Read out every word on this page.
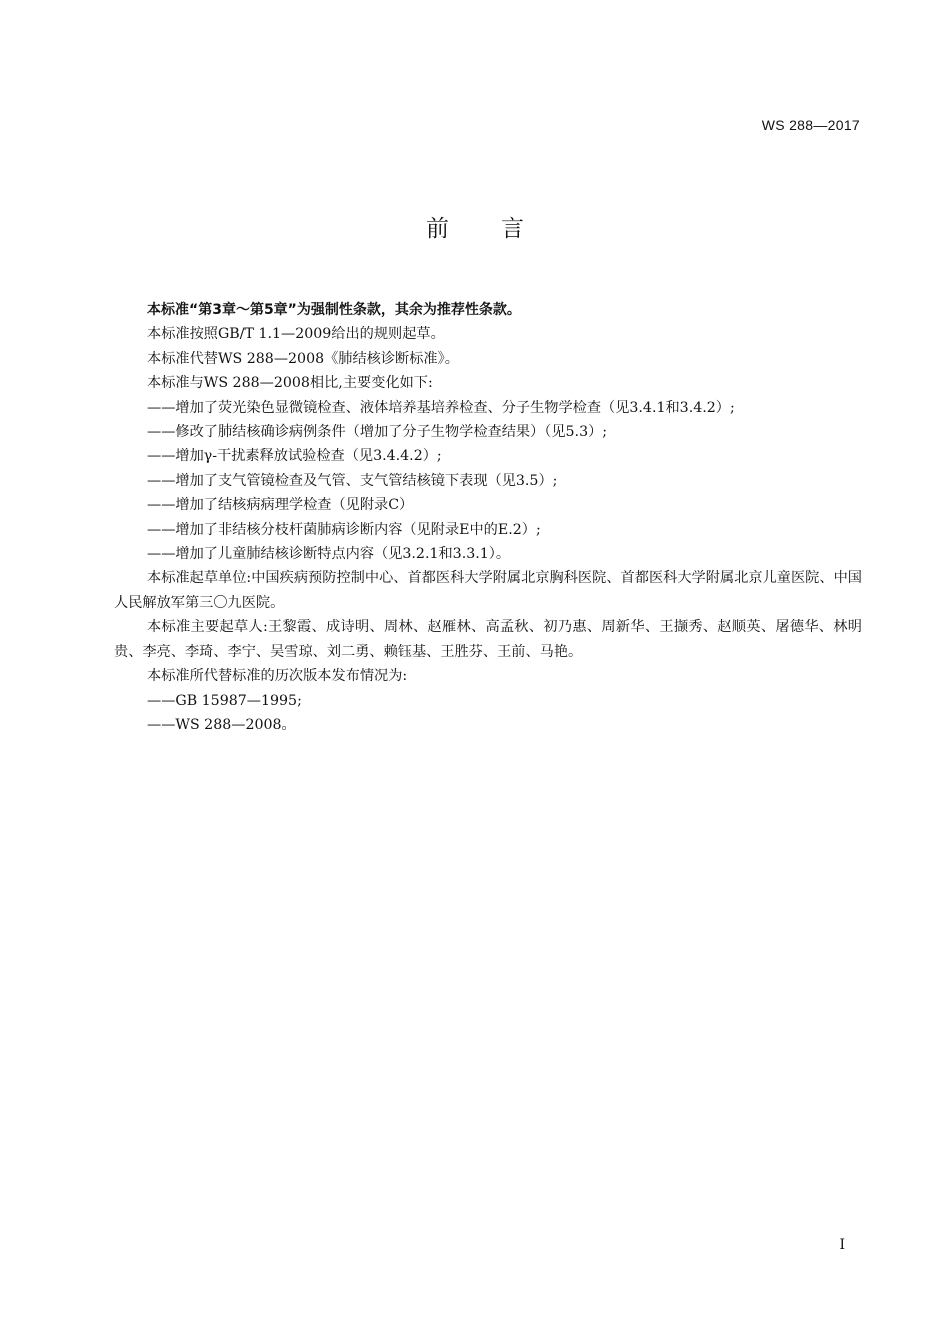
WS 288—2017
前言

本标准“第3章～第5章”为强制性条款，其余为推荐性条款。

本标准按照GB/T 1.1—2009给出的规则起草。

本标准代替WS 288—2008《肺结核诊断标准》。

本标准与WS 288—2008相比,主要变化如下:

——增加了荧光染色显微镜检查、液体培养基培养检查、分子生物学检查（见3.4.1和3.4.2）;

——修改了肺结核确诊病例条件（增加了分子生物学检查结果）（见5.3）;

——增加γ-干扰素释放试验检查（见3.4.4.2）;

——增加了支气管镜检查及气管、支气管结核镜下表现（见3.5）;

——增加了结核病病理学检查（见附录C）

——增加了非结核分枝杆菌肺病诊断内容（见附录E中的E.2）;

——增加了儿童肺结核诊断特点内容（见3.2.1和3.3.1）。

本标准起草单位:中国疾病预防控制中心、首都医科大学附属北京胸科医院、首都医科大学附属北京儿童医院、中国人民解放军第三〇九医院。

本标准主要起草人:王黎霞、成诗明、周林、赵雁林、高孟秋、初乃惠、周新华、王撷秀、赵顺英、屠德华、林明贵、李亮、李琦、李宁、吴雪琼、刘二勇、赖钰基、王胜芬、王前、马艳。

本标准所代替标准的历次版本发布情况为:

——GB 15987—1995;

——WS 288—2008。

I
